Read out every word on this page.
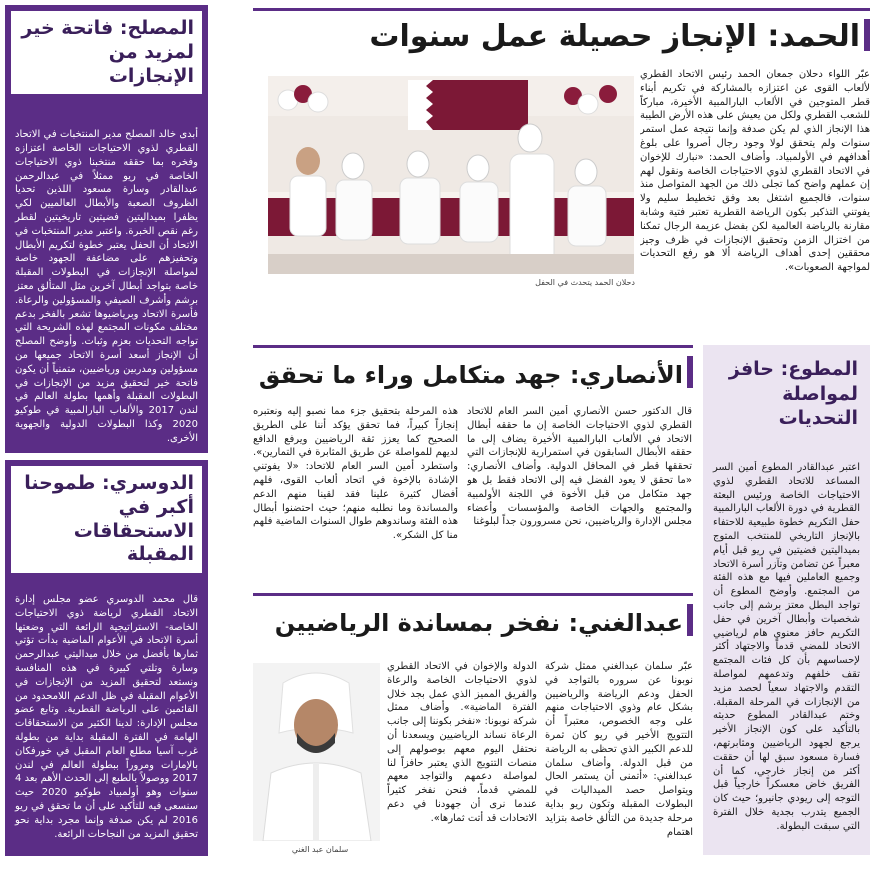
المصلح: فاتحة خير لمزيد من الإنجازات
أبدى خالد المصلح مدير المنتخبات في الاتحاد القطري لذوي الاحتياجات الخاصة اعتزازه وفخره بما حققه منتخبنا ذوي الاحتياجات الخاصة في ريو ممثلاً في عبدالرحمن عبدالقادر وسارة مسعود اللذين تحديا الظروف الصعبة والأبطال العالميين لكي يظفرا بميداليتين فضيتين تاريخيتين لقطر رغم نقص الخبرة. واعتبر مدير المنتخبات في الاتحاد أن الحفل يعتبر خطوة لتكريم الأبطال وتحفيزهم على مضاعفة الجهود خاصة لمواصلة الإنجازات في البطولات المقبلة خاصة بتواجد أبطال آخرين مثل المتألق معتز برشم وأشرف الصيفي والمسؤولين والرعاة. فأسرة الاتحاد وبرياضيوها تشعر بالفخر بدعم مختلف مكونات المجتمع لهذه الشريحة التي تواجه التحديات بعزم وثبات. وأوضح المصلح أن الإنجاز أسعد أسرة الاتحاد جميعها من مسؤولين ومدربين ورياضيين، متمنياً أن يكون فاتحة خير لتحقيق مزيد من الإنجازات في البطولات المقبلة وأهمها بطولة العالم في لندن 2017 والألعاب البارالمبية في طوكيو 2020 وكذا البطولات الدولية والجهوية الأخرى.
الدوسري: طموحنا أكبر في الاستحقاقات المقبلة
قال محمد الدوسري عضو مجلس إدارة الاتحاد القطري لرياضة ذوي الاحتياجات الخاصة- الاستراتيجية الرائعة التي وضعتها أسرة الاتحاد في الأعوام الماضية بدأت تؤتي ثمارها بأفضل من خلال ميداليتي عبدالرحمن وسارة وتلتي كبيرة في هذه المنافسة ونستعد لتحقيق المزيد من الإنجازات في الأعوام المقبلة في ظل الدعم اللامحدود من القائمين على الرياضة القطرية. وتابع عضو مجلس الإدارة: لدينا الكثير من الاستحقاقات الهامة في الفترة المقبلة بداية من بطولة غرب آسيا مطلع العام المقبل في خورفكان بالإمارات ومروراً ببطولة العالم في لندن 2017 ووصولاً بالطبع إلى الحدث الأهم بعد 4 سنوات وهو أولمبياد طوكيو 2020 حيث سنسعى فيه للتأكيد على أن ما تحقق في ريو 2016 لم يكن صدفة وإنما مجرد بداية نحو تحقيق المزيد من النجاحات الرائعة.
الحمد: الإنجاز حصيلة عمل سنوات
عبّر اللواء دحلان جمعان الحمد رئيس الاتحاد القطري لألعاب القوى عن اعتزازه بالمشاركة في تكريم أبناء قطر المتوجين في الألعاب البارالمبية الأخيرة، مباركاً للشعب القطري ولكل من يعيش على هذه الأرض الطيبة هذا الإنجاز الذي لم يكن صدفة وإنما نتيجة عمل استمر سنوات ولم يتحقق لولا وجود رجال أصروا على بلوغ أهدافهم في الأولمبياد. وأضاف الحمد: «نبارك للإخوان في الاتحاد القطري لذوي الاحتياجات الخاصة ونقول لهم إن عملهم واضح كما تجلى ذلك من الجهد المتواصل منذ سنوات، فالجميع اشتغل بعد وفق تخطيط سليم ولا يفوتني التذكير بكون الرياضة القطرية تعتبر فتية وشابة مقارنة بالرياضة العالمية لكن بفضل عزيمة الرجال تمكنا من اختزال الزمن وتحقيق الإنجازات في ظرف وجيز محققين إحدى أهداف الرياضة ألا هو رفع التحديات لمواجهة الصعوبات».
دحلان الحمد يتحدث في الحفل
المطوع: حافز لمواصلة التحديات
اعتبر عبدالقادر المطوع أمين السر المساعد للاتحاد القطري لذوي الاحتياجات الخاصة ورئيس البعثة القطرية في دورة الألعاب البارالمبية حفل التكريم خطوة طبيعية للاحتفاء بالإنجاز التاريخي للمنتخب المتوج بميداليتين فضيتين في ريو قبل أيام معبراً عن تضامن وتآزر أسرة الاتحاد وجميع العاملين فيها مع هذه الفئة من المجتمع. وأوضح المطوع أن تواجد البطل معتز برشم إلى جانب شخصيات وأبطال آخرين في حفل التكريم حافز معنوي هام لرياضيي الاتحاد للمضي قدماً والاجتهاد أكثر لإحساسهم بأن كل فئات المجتمع تقف خلفهم وتدعمهم لمواصلة التقدم والاجتهاد سعياً لحصد مزيد من الإنجازات في المرحلة المقبلة. وختم عبدالقادر المطوع حديثه بالتأكيد على كون الإنجاز الأخير يرجع لجهود الرياضيين ومثابرتهم، فسارة مسعود سبق لها أن حققت أكثر من إنجاز خارجي، كما أن الفريق خاض معسكراً خارجياً قبل التوجه إلى ريودي جانيرو؛ حيث كان الجميع يتدرب بجدية خلال الفترة التي سبقت البطولة.
الأنصاري: جهد متكامل وراء ما تحقق
قال الدكتور حسن الأنصاري أمين السر العام للاتحاد القطري لذوي الاحتياجات الخاصة إن ما حققه أبطال الاتحاد في الألعاب البارالمبية الأخيرة يضاف إلى ما حققه الأبطال السابقون في استمرارية للإنجازات التي تحققها قطر في المحافل الدولية. وأضاف الأنصاري: «ما تحقق لا يعود الفضل فيه إلى الاتحاد فقط بل هو جهد متكامل من قبل الأخوة في اللجنة الأولمبية والمجتمع والجهات الخاصة والمؤسسات وأعضاء مجلس الإدارة والرياضيين، نحن مسرورون جداً لبلوغنا
هذه المرحلة بتحقيق جزء مما نصبو إليه ونعتبره إنجازاً كبيراً، فما تحقق يؤكد أننا على الطريق الصحيح كما يعزز ثقة الرياضيين ويرفع الدافع لديهم للمواصلة عن طريق المثابرة في التمارين». واستطرد أمين السر العام للاتحاد: «لا يفوتني الإشادة بالإخوة في اتحاد ألعاب القوى، فلهم أفضال كثيرة علينا فقد لقينا منهم الدعم والمساندة وما نطلبه منهم؛ حيث احتضنوا أبطال هذه الفئة وساندوهم طوال السنوات الماضية فلهم منا كل الشكر».
عبدالغني: نفخر بمساندة الرياضيين
عبّر سلمان عبدالغني ممثل شركة نوبونا عن سروره بالتواجد في الحفل ودعم الرياضة والرياضيين بشكل عام وذوي الاحتياجات منهم على وجه الخصوص، معتبراً أن التتويج الأخير في ريو كان ثمرة للدعم الكبير الذي تحظى به الرياضة من قبل الدولة. وأضاف سلمان عبدالغني: «أتمنى أن يستمر الحال ويتواصل حصد الميداليات في البطولات المقبلة وتكون ريو بداية مرحلة جديدة من التألق خاصة بتزايد اهتمام
الدولة والإخوان في الاتحاد القطري لذوي الاحتياجات الخاصة والرعاة والفريق المميز الذي عمل بجد خلال الفترة الماضية». وأضاف ممثل شركة نوبونا: «نفخر بكوننا إلى جانب الرعاة نساند الرياضيين ويسعدنا أن نحتفل اليوم معهم بوصولهم إلى منصات التتويج الذي يعتبر حافزاً لنا لمواصلة دعمهم والتواجد معهم للمضي قدماً، فنحن نفخر كثيراً عندما نرى أن جهودنا في دعم الاتحادات قد أتت ثمارها».
سلمان عبد الغني
